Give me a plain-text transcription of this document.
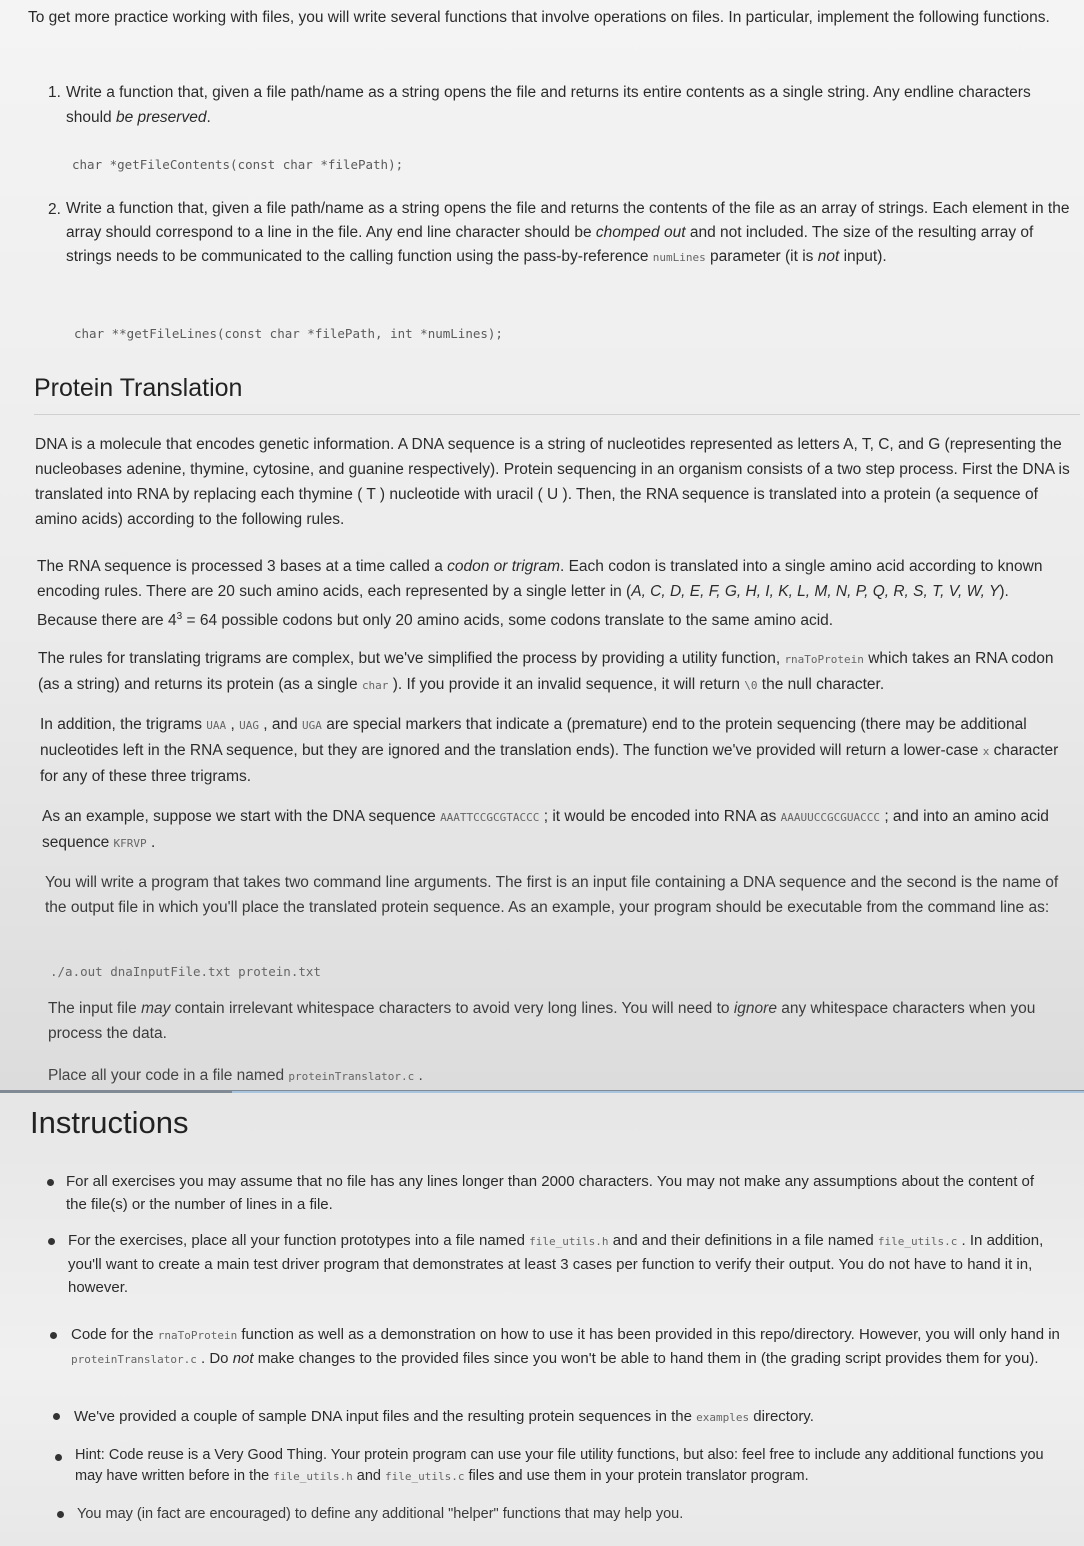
To get more practice working with files, you will write several functions that involve operations on files. In particular, implement the following functions.

1. Write a function that, given a file path/name as a string opens the file and returns its entire contents as a single string. Any endline characters should be preserved.

char *getFileContents(const char *filePath);
2. Write a function that, given a file path/name as a string opens the file and returns the contents of the file as an array of strings. Each element in the array should correspond to a line in the file. Any end line character should be chomped out and not included. The size of the resulting array of strings needs to be communicated to the calling function using the pass-by-reference numLines parameter (it is not input).

char **getFileLines(const char *filePath, int *numLines);
Protein Translation

DNA is a molecule that encodes genetic information. A DNA sequence is a string of nucleotides represented as letters A, T, C, and G (representing the nucleobases adenine, thymine, cytosine, and guanine respectively). Protein sequencing in an organism consists of a two step process. First the DNA is translated into RNA by replacing each thymine ( T ) nucleotide with uracil ( U ). Then, the RNA sequence is translated into a protein (a sequence of amino acids) according to the following rules.

The RNA sequence is processed 3 bases at a time called a codon or trigram. Each codon is translated into a single amino acid according to known encoding rules. There are 20 such amino acids, each represented by a single letter in (A, C, D, E, F, G, H, I, K, L, M, N, P, Q, R, S, T, V, W, Y). Because there are $4^3 = 64$ possible codons but only 20 amino acids, some codons translate to the same amino acid.

The rules for translating trigrams are complex, but we've simplified the process by providing a utility function, rnaToProtein which takes an RNA codon (as a string) and returns its protein (as a single char ). If you provide it an invalid sequence, it will return \0 the null character.

In addition, the trigrams UAA , UAG , and UGA are special markers that indicate a (premature) end to the protein sequencing (there may be additional nucleotides left in the RNA sequence, but they are ignored and the translation ends). The function we've provided will return a lower-case x character for any of these three trigrams.

As an example, suppose we start with the DNA sequence AAATTCCGCGTACCC ; it would be encoded into RNA as AAAUUCCGCGUACCC ; and into an amino acid sequence KFRVP .

You will write a program that takes two command line arguments. The first is an input file containing a DNA sequence and the second is the name of the output file in which you'll place the translated protein sequence. As an example, your program should be executable from the command line as:

./a.out dnaInputFile.txt protein.txt

The input file may contain irrelevant whitespace characters to avoid very long lines. You will need to ignore any whitespace characters when you process the data.

Place all your code in a file named proteinTranslator.c .

Instructions

For all exercises you may assume that no file has any lines longer than 2000 characters. You may not make any assumptions about the content of the file(s) or the number of lines in a file.

For the exercises, place all your function prototypes into a file named file_utils.h and and their definitions in a file named file_utils.c . In addition, you'll want to create a main test driver program that demonstrates at least 3 cases per function to verify their output. You do not have to hand it in, however.

Code for the rnaToProtein function as well as a demonstration on how to use it has been provided in this repo/directory. However, you will only hand in proteinTranslator.c . Do not make changes to the provided files since you won't be able to hand them in (the grading script provides them for you).

We've provided a couple of sample DNA input files and the resulting protein sequences in the examples directory.

Hint: Code reuse is a Very Good Thing. Your protein program can use your file utility functions, but also: feel free to include any additional functions you may have written before in the file_utils.h and file_utils.c files and use them in your protein translator program.

You may (in fact are encouraged) to define any additional "helper" functions that may help you.
